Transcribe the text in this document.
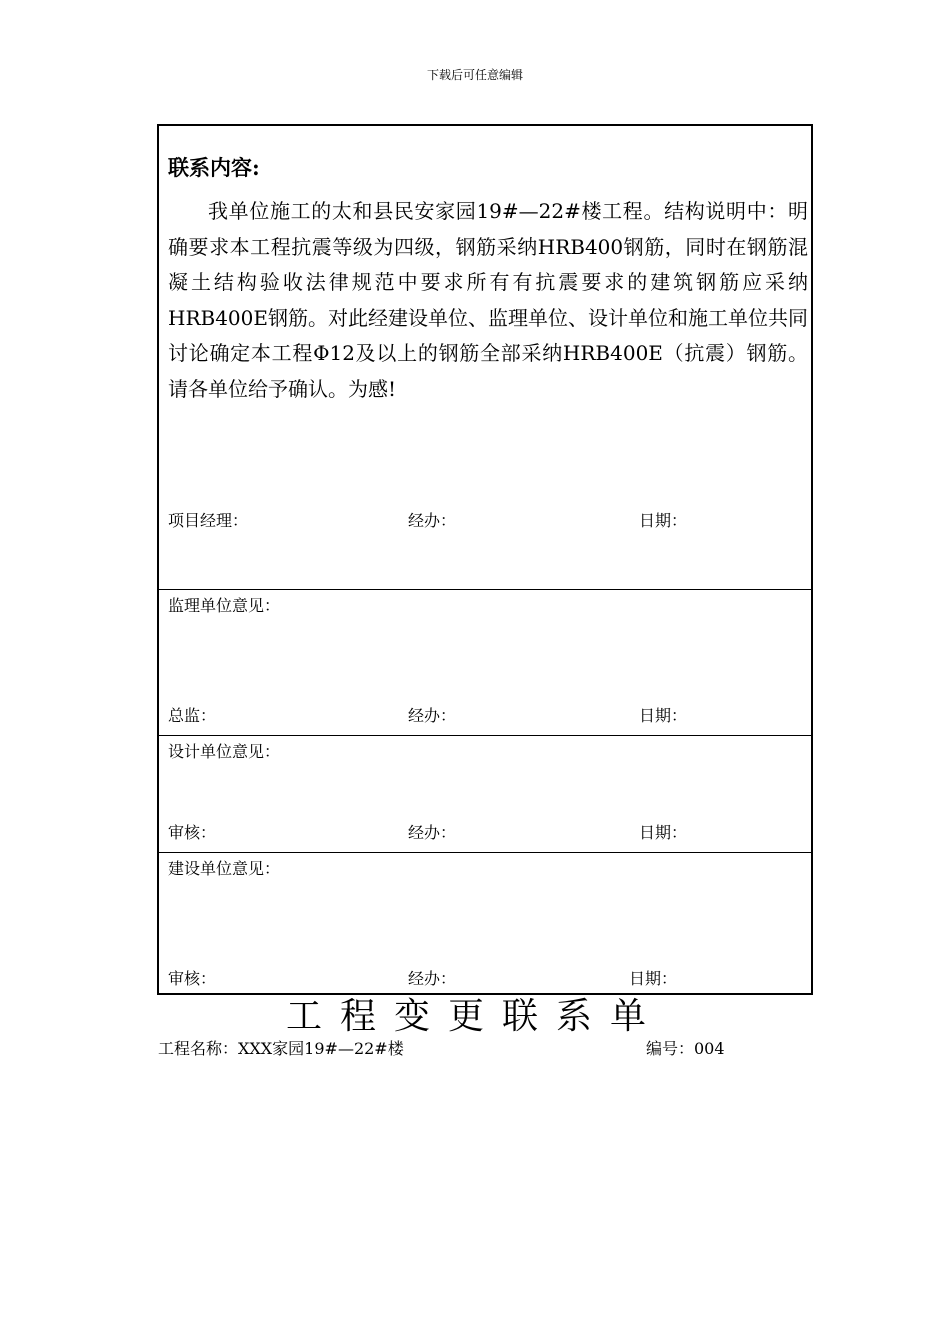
下载后可任意编辑
联系内容:
我单位施工的太和县民安家园19#—22#楼工程。结构说明中：明确要求本工程抗震等级为四级，钢筋采纳HRB400钢筋，同时在钢筋混凝土结构验收法律规范中要求所有有抗震要求的建筑钢筋应采纳HRB400E钢筋。对此经建设单位、监理单位、设计单位和施工单位共同讨论确定本工程Φ12及以上的钢筋全部采纳HRB400E（抗震）钢筋。请各单位给予确认。为感!
项目经理：	经办：	日期：
监理单位意见：
总监：	经办：	日期：
设计单位意见：
审核：	经办：	日期：
建设单位意见：
审核：	经办：	日期：
工程变更联系单
工程名称：XXX家园19#—22#楼	编号：004
